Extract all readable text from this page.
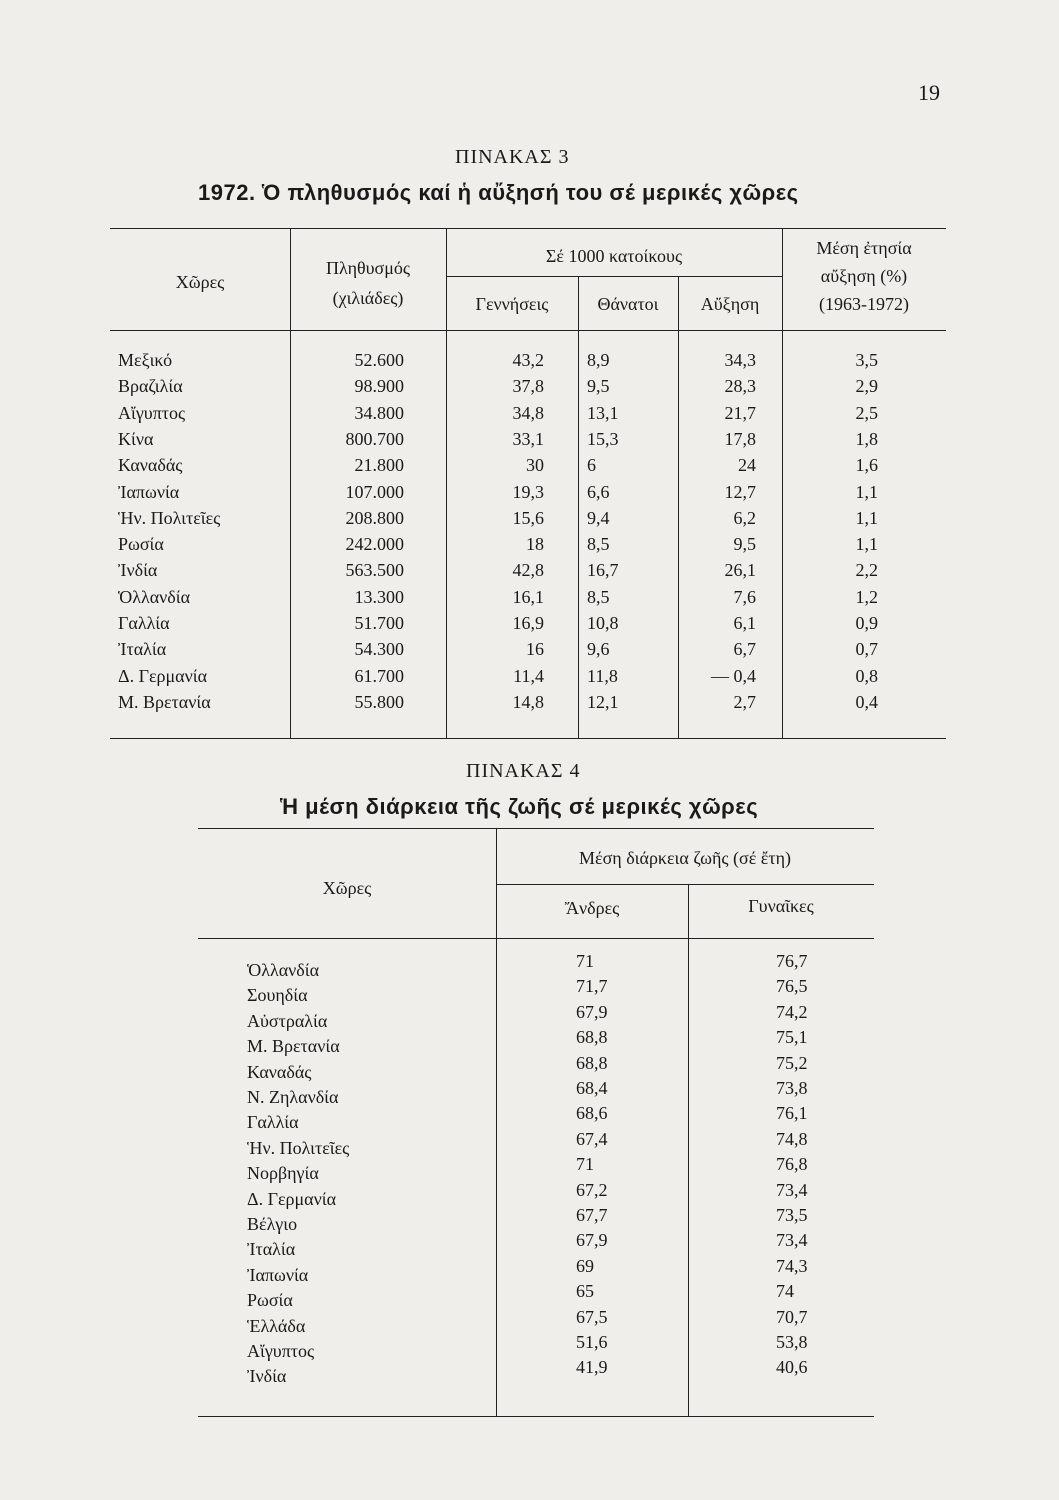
19
ΠΙΝΑΚΑΣ 3
1972. Ὁ πληθυσμός καί ἡ αὔξησή του σέ μερικές χῶρες
Χῶρες
Πληθυσμός
(χιλιάδες)
Σέ 1000 κατοίκους
Γεννήσεις	Θάνατοι	Αὔξηση
Μέση ἐτησία
αὔξηση (%)
(1963-1972)
Μεξικό	52.600	43,2 8,9	34,3	3,5
Βραζιλία	98.900	37,8 9,5	28,3	2,9
Αἴγυπτος	34.800	34,8 13,1	21,7	2,5
Κίνα	800.700	33,1 15,3	17,8	1,8
Καναδάς	21.800	30 6	24	1,6
Ἰαπωνία	107.000	19,3 6,6	12,7	1,1
Ἡν. Πολιτεῖες	208.800	15,6 9,4	6,2	1,1
Ρωσία	242.000	18 8,5	9,5	1,1
Ἰνδία	563.500	42,8 16,7	26,1	2,2
Ὁλλανδία	13.300	16,1 8,5	7,6	1,2
Γαλλία	51.700	16,9 10,8	6,1	0,9
Ἰταλία	54.300	16 9,6	6,7	0,7
Δ. Γερμανία	61.700	11,4 11,8	— 0,4	0,8
Μ. Βρετανία	55.800	14,8 12,1	2,7	0,4
ΠΙΝΑΚΑΣ 4
Ἡ μέση διάρκεια τῆς ζωῆς σέ μερικές χῶρες
Χῶρες
Μέση διάρκεια ζωῆς (σέ ἔτη)
Ἄνδρες	Γυναῖκες
Ὁλλανδία	71	76,7
Σουηδία	71,7	76,5
Αὐστραλία	67,9	74,2
Μ. Βρετανία	68,8	75,1
Καναδάς	68,8	75,2
Ν. Ζηλανδία	68,4	73,8
Γαλλία	68,6	76,1
Ἡν. Πολιτεῖες	67,4	74,8
Νορβηγία	71	76,8
Δ. Γερμανία	67,2	73,4
Βέλγιο	67,7	73,5
Ἰταλία	67,9	73,4
Ἰαπωνία	69	74,3
Ρωσία	65	74
Ἑλλάδα	67,5	70,7
Αἴγυπτος	51,6	53,8
Ἰνδία	41,9	40,6
